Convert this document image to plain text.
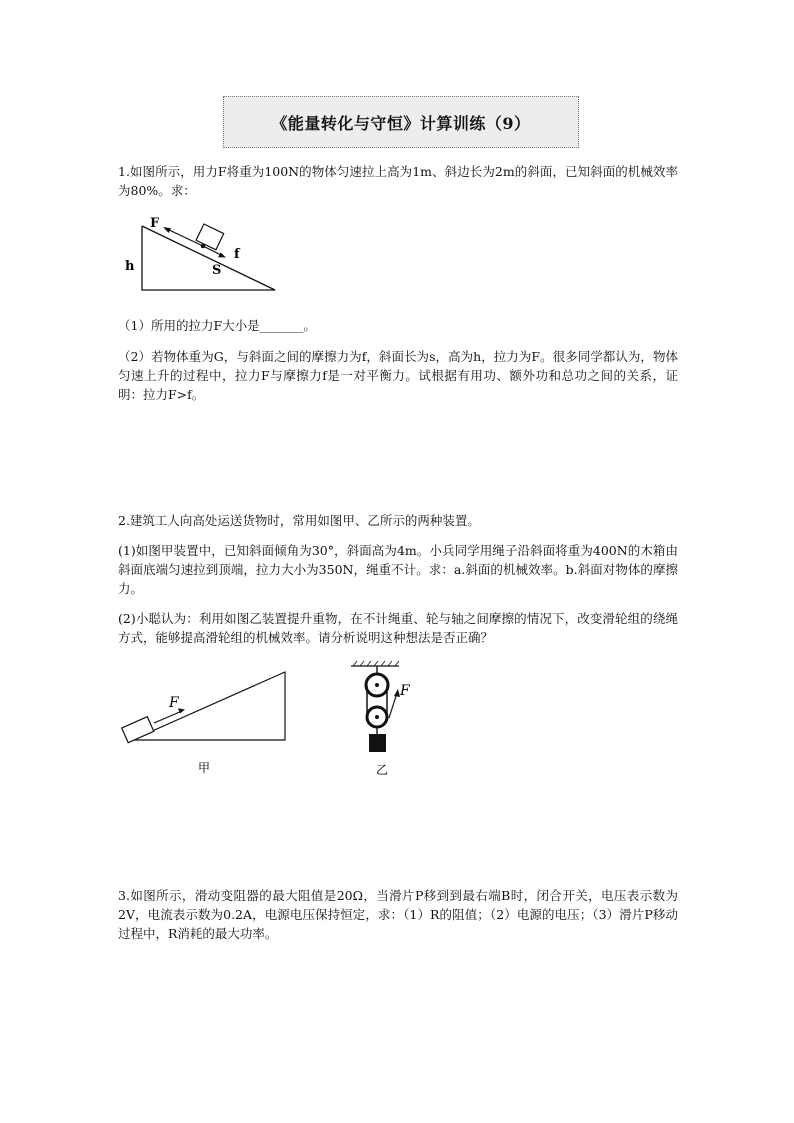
《能量转化与守恒》计算训练（9）
1.如图所示，用力F将重为100N的物体匀速拉上高为1m、斜边长为2m的斜面，已知斜面的机械效率为80%。求：
F
f
h	S
（1）所用的拉力F大小是_______。
（2）若物体重为G，与斜面之间的摩擦力为f，斜面长为s，高为h，拉力为F。很多同学都认为，物体匀速上升的过程中，拉力F与摩擦力f是一对平衡力。试根据有用功、额外功和总功之间的关系，证明：拉力F>f。
2.建筑工人向高处运送货物时，常用如图甲、乙所示的两种装置。
(1)如图甲装置中，已知斜面倾角为30°，斜面高为4m。小兵同学用绳子沿斜面将重为400N的木箱由斜面底端匀速拉到顶端，拉力大小为350N，绳重不计。求：a.斜面的机械效率。b.斜面对物体的摩擦力。
(2)小聪认为：利用如图乙装置提升重物，在不计绳重、轮与轴之间摩擦的情况下，改变滑轮组的绕绳方式，能够提高滑轮组的机械效率。请分析说明这种想法是否正确？
F
甲
F
乙
3.如图所示，滑动变阻器的最大阻值是20Ω，当滑片P移到到最右端B时，闭合开关，电压表示数为2V，电流表示数为0.2A，电源电压保持恒定，求：（1）R的阻值；（2）电源的电压；（3）滑片P移动过程中，R消耗的最大功率。
